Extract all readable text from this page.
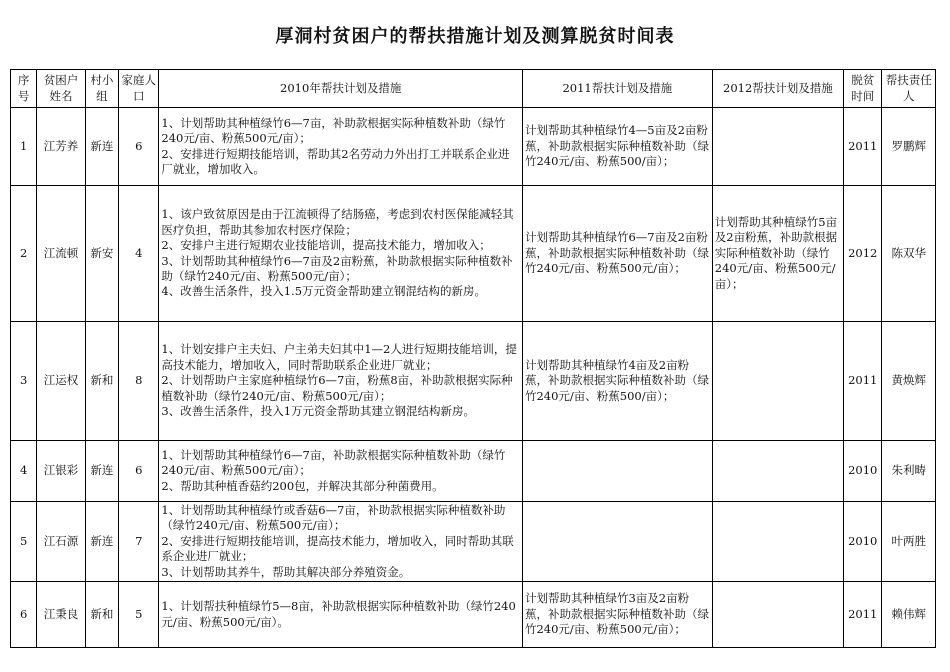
厚洞村贫困户的帮扶措施计划及测算脱贫时间表
序号	贫困户姓名	村小组	家庭人口	2010年帮扶计划及措施	2011帮扶计划及措施	2012帮扶计划及措施	脱贫时间	帮扶责任人
1	江芳养	新连	6	1、计划帮助其种植绿竹6—7亩，补助款根据实际种植数补助（绿竹240元/亩、粉蕉500元/亩）；
2、安排进行短期技能培训，帮助其2名劳动力外出打工并联系企业进厂就业，增加收入。	计划帮助其种植绿竹4—5亩及2亩粉蕉，补助款根据实际种植数补助（绿竹240元/亩、粉蕉500/亩）；		2011	罗鹏辉
2	江流顿	新安	4	1、该户致贫原因是由于江流顿得了结肠癌，考虑到农村医保能减轻其医疗负担，帮助其参加农村医疗保险；
2、安排户主进行短期农业技能培训，提高技术能力，增加收入；
3、计划帮助其种植绿竹6—7亩及2亩粉蕉，补助款根据实际种植数补助（绿竹240元/亩、粉蕉500元/亩）；
4、改善生活条件，投入1.5万元资金帮助建立钢混结构的新房。	计划帮助其种植绿竹6—7亩及2亩粉蕉，补助款根据实际种植数补助（绿竹240元/亩、粉蕉500元/亩）；	计划帮助其种植绿竹5亩及2亩粉蕉，补助款根据实际种植数补助（绿竹240元/亩、粉蕉500元/亩）；	2012	陈双华
3	江运权	新和	8	1、计划安排户主夫妇、户主弟夫妇其中1—2人进行短期技能培训，提高技术能力，增加收入，同时帮助联系企业进厂就业；
2、计划帮助户主家庭种植绿竹6—7亩，粉蕉8亩，补助款根据实际种植数补助（绿竹240元/亩、粉蕉500元/亩）；
3、改善生活条件，投入1万元资金帮助其建立钢混结构新房。	计划帮助其种植绿竹4亩及2亩粉蕉，补助款根据实际种植数补助（绿竹240元/亩、粉蕉500/亩）；		2011	黄焕辉
4	江银彩	新连	6	1、计划帮助其种植绿竹6—7亩，补助款根据实际种植数补助（绿竹240元/亩、粉蕉500元/亩）；
2、帮助其种植香菇约200包，并解决其部分种菌费用。			2010	朱利畴
5	江石源	新连	7	1、计划帮助其种植绿竹或香菇6—7亩，补助款根据实际种植数补助（绿竹240元/亩、粉蕉500元/亩）；
2、安排进行短期技能培训，提高技术能力，增加收入，同时帮助其联系企业进厂就业；
3、计划帮助其养牛，帮助其解决部分养殖资金。			2010	叶两胜
6	江秉良	新和	5	1、计划帮扶种植绿竹5—8亩，补助款根据实际种植数补助（绿竹240元/亩、粉蕉500元/亩）。	计划帮助其种植绿竹3亩及2亩粉蕉，补助款根据实际种植数补助（绿竹240元/亩、粉蕉500元/亩）；		2011	赖伟辉
